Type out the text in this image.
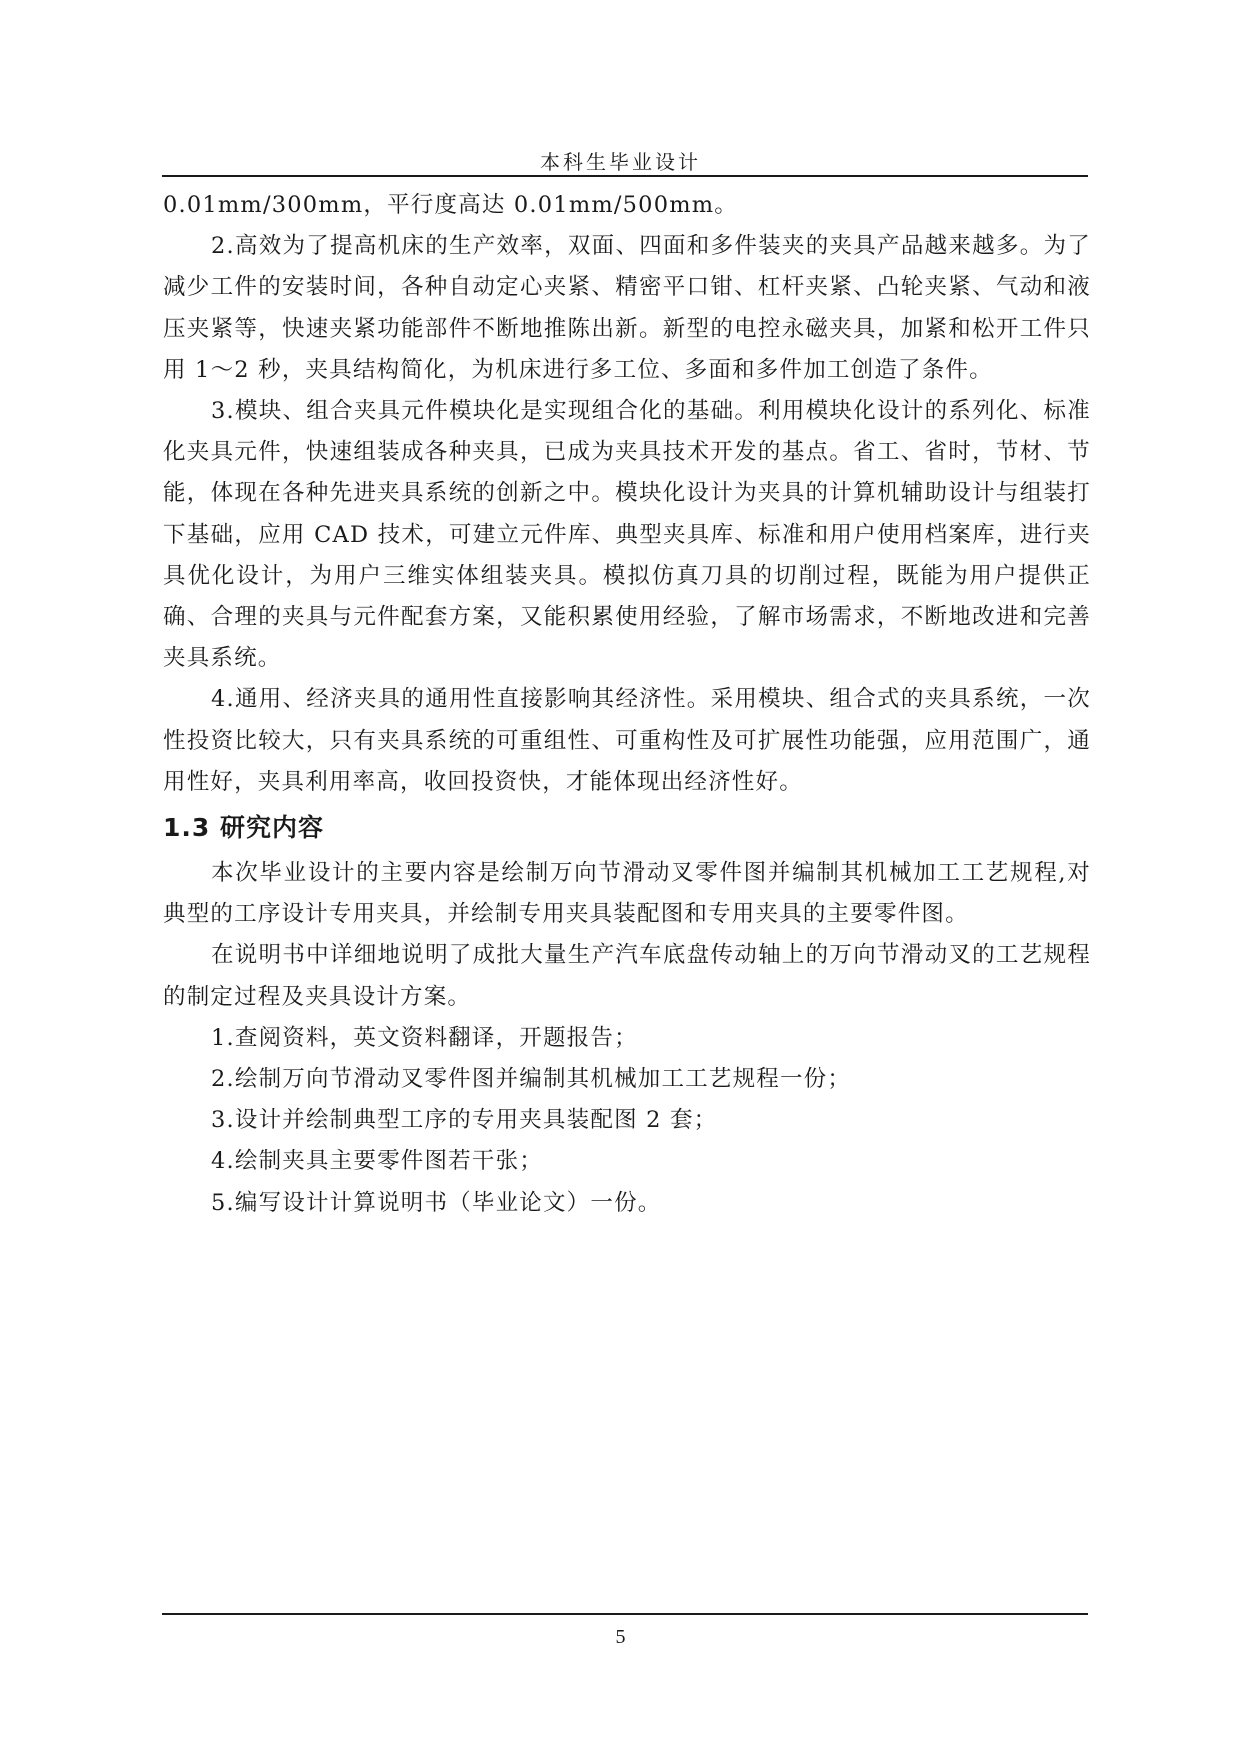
本科生毕业设计

0.01mm/300mm，平行度高达 0.01mm/500mm。

2.高效为了提高机床的生产效率，双面、四面和多件装夹的夹具产品越来越多。为了减少工件的安装时间，各种自动定心夹紧、精密平口钳、杠杆夹紧、凸轮夹紧、气动和液压夹紧等，快速夹紧功能部件不断地推陈出新。新型的电控永磁夹具，加紧和松开工件只用 1～2 秒，夹具结构简化，为机床进行多工位、多面和多件加工创造了条件。

3.模块、组合夹具元件模块化是实现组合化的基础。利用模块化设计的系列化、标准化夹具元件，快速组装成各种夹具，已成为夹具技术开发的基点。省工、省时，节材、节能，体现在各种先进夹具系统的创新之中。模块化设计为夹具的计算机辅助设计与组装打下基础，应用 CAD 技术，可建立元件库、典型夹具库、标准和用户使用档案库，进行夹具优化设计，为用户三维实体组装夹具。模拟仿真刀具的切削过程，既能为用户提供正确、合理的夹具与元件配套方案，又能积累使用经验，了解市场需求，不断地改进和完善夹具系统。

4.通用、经济夹具的通用性直接影响其经济性。采用模块、组合式的夹具系统，一次性投资比较大，只有夹具系统的可重组性、可重构性及可扩展性功能强，应用范围广，通用性好，夹具利用率高，收回投资快，才能体现出经济性好。

1.3 研究内容

本次毕业设计的主要内容是绘制万向节滑动叉零件图并编制其机械加工工艺规程,对典型的工序设计专用夹具，并绘制专用夹具装配图和专用夹具的主要零件图。

在说明书中详细地说明了成批大量生产汽车底盘传动轴上的万向节滑动叉的工艺规程的制定过程及夹具设计方案。

1.查阅资料，英文资料翻译，开题报告；

2.绘制万向节滑动叉零件图并编制其机械加工工艺规程一份；

3.设计并绘制典型工序的专用夹具装配图 2 套；

4.绘制夹具主要零件图若干张；

5.编写设计计算说明书（毕业论文）一份。

5
